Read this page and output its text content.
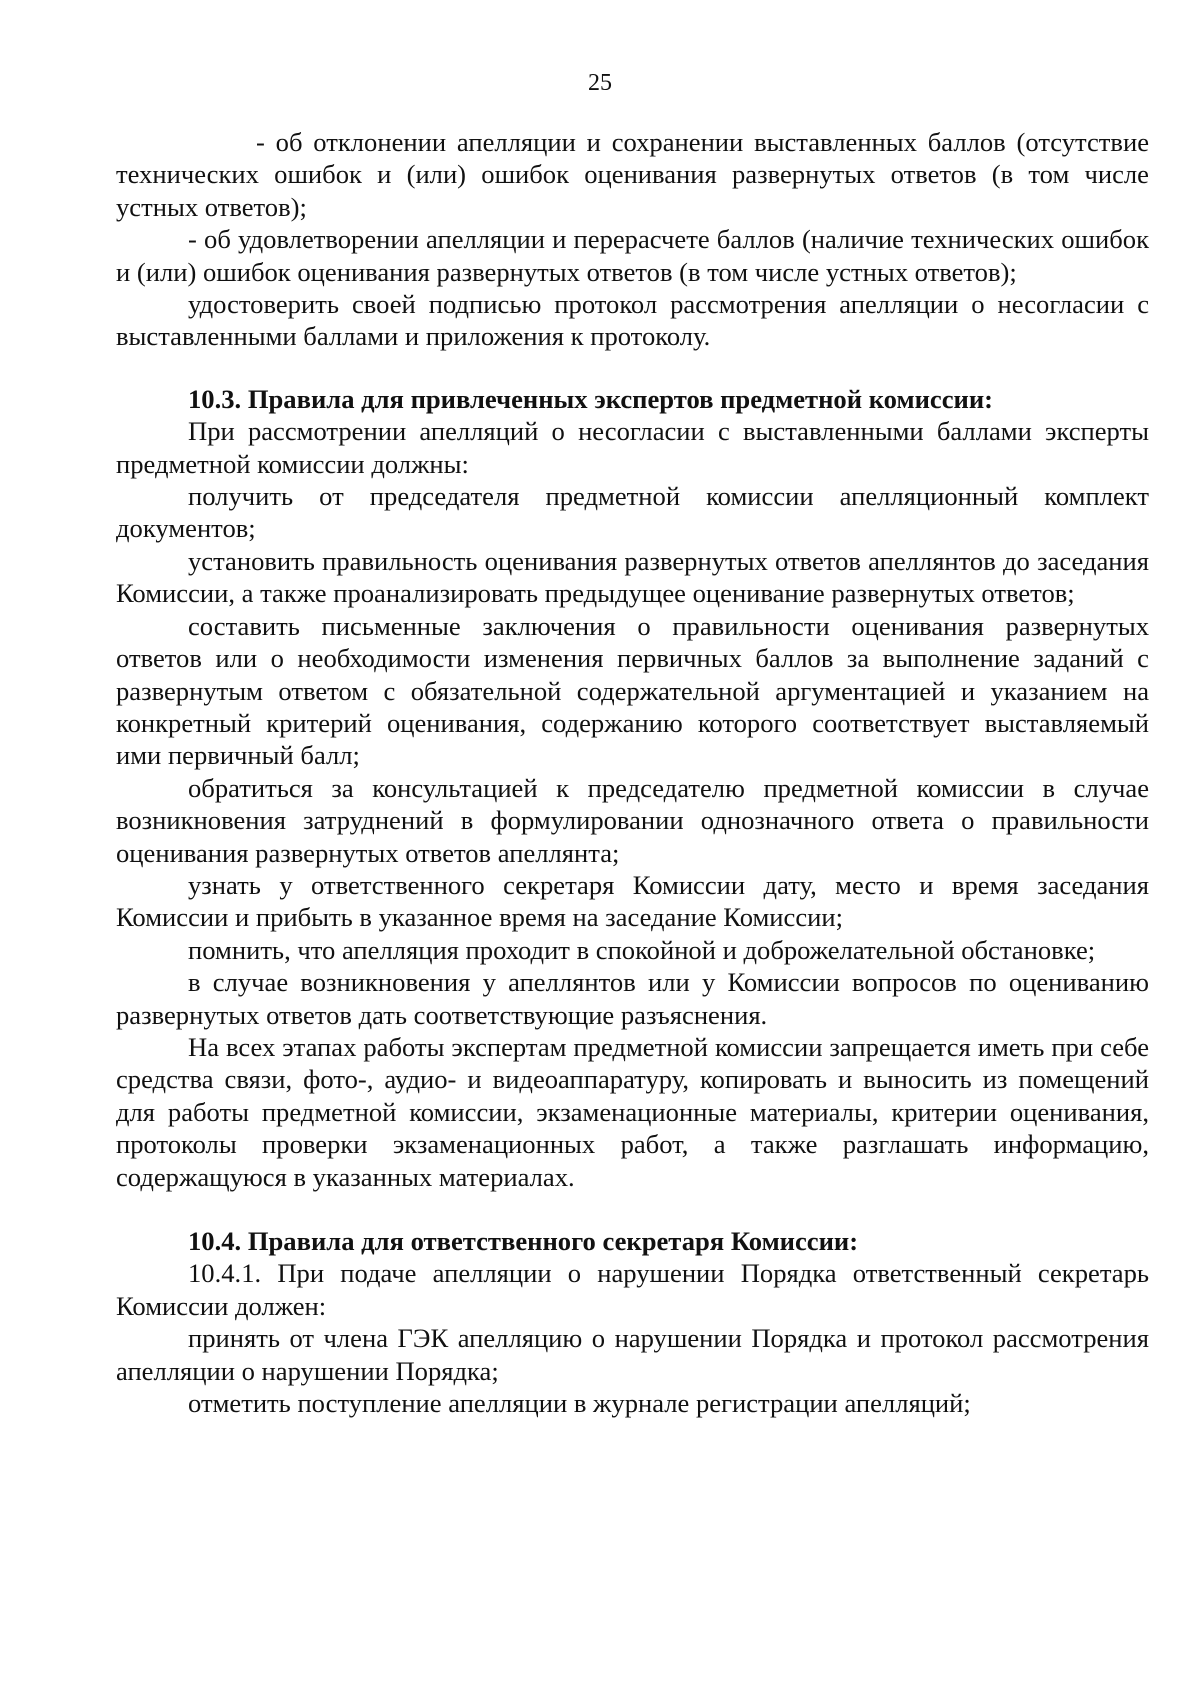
25

- об отклонении апелляции и сохранении выставленных баллов (отсутствие технических ошибок и (или) ошибок оценивания развернутых ответов (в том числе устных ответов);

- об удовлетворении апелляции и перерасчете баллов (наличие технических ошибок и (или) ошибок оценивания развернутых ответов (в том числе устных ответов);

удостоверить своей подписью протокол рассмотрения апелляции о несогласии с выставленными баллами и приложения к протоколу.

10.3. Правила для привлеченных экспертов предметной комиссии:

При рассмотрении апелляций о несогласии с выставленными баллами эксперты предметной комиссии должны:

получить от председателя предметной комиссии апелляционный комплект документов;

установить правильность оценивания развернутых ответов апеллянтов до заседания Комиссии, а также проанализировать предыдущее оценивание развернутых ответов;

составить письменные заключения о правильности оценивания развернутых ответов или о необходимости изменения первичных баллов за выполнение заданий с развернутым ответом с обязательной содержательной аргументацией и указанием на конкретный критерий оценивания, содержанию которого соответствует выставляемый ими первичный балл;

обратиться за консультацией к председателю предметной комиссии в случае возникновения затруднений в формулировании однозначного ответа о правильности оценивания развернутых ответов апеллянта;

узнать у ответственного секретаря Комиссии дату, место и время заседания Комиссии и прибыть в указанное время на заседание Комиссии;

помнить, что апелляция проходит в спокойной и доброжелательной обстановке;

в случае возникновения у апеллянтов или у Комиссии вопросов по оцениванию развернутых ответов дать соответствующие разъяснения.

На всех этапах работы экспертам предметной комиссии запрещается иметь при себе средства связи, фото-, аудио- и видеоаппаратуру, копировать и выносить из помещений для работы предметной комиссии, экзаменационные материалы, критерии оценивания, протоколы проверки экзаменационных работ, а также разглашать информацию, содержащуюся в указанных материалах.

10.4. Правила для ответственного секретаря Комиссии:

10.4.1. При подаче апелляции о нарушении Порядка ответственный секретарь Комиссии должен:

принять от члена ГЭК апелляцию о нарушении Порядка и протокол рассмотрения апелляции о нарушении Порядка;

отметить поступление апелляции в журнале регистрации апелляций;
